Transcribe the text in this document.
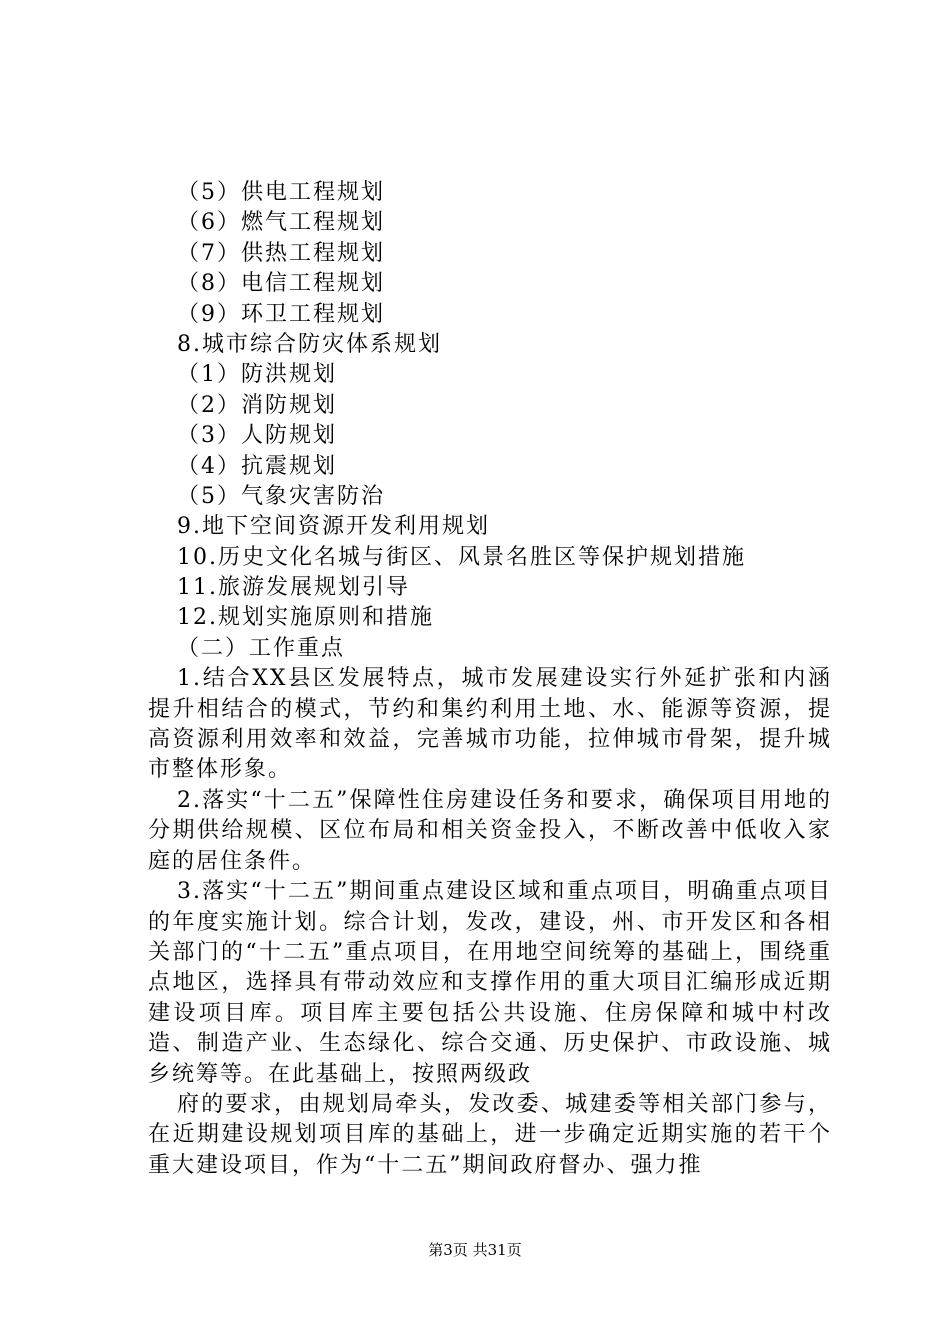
（5）供电工程规划
（6）燃气工程规划
（7）供热工程规划
（8）电信工程规划
（9）环卫工程规划
8.城市综合防灾体系规划
（1）防洪规划
（2）消防规划
（3）人防规划
（4）抗震规划
（5）气象灾害防治
9.地下空间资源开发利用规划
10.历史文化名城与街区、风景名胜区等保护规划措施
11.旅游发展规划引导
12.规划实施原则和措施
（二）工作重点

1.结合XX县区发展特点，城市发展建设实行外延扩张和内涵提升相结合的模式，节约和集约利用土地、水、能源等资源，提高资源利用效率和效益，完善城市功能，拉伸城市骨架，提升城市整体形象。

2.落实“十二五”保障性住房建设任务和要求，确保项目用地的分期供给规模、区位布局和相关资金投入，不断改善中低收入家庭的居住条件。

3.落实“十二五”期间重点建设区域和重点项目，明确重点项目的年度实施计划。综合计划，发改，建设，州、市开发区和各相关部门的“十二五”重点项目，在用地空间统筹的基础上，围绕重点地区，选择具有带动效应和支撑作用的重大项目汇编形成近期建设项目库。项目库主要包括公共设施、住房保障和城中村改造、制造产业、生态绿化、综合交通、历史保护、市政设施、城乡统筹等。在此基础上，按照两级政

府的要求，由规划局牵头，发改委、城建委等相关部门参与，在近期建设规划项目库的基础上，进一步确定近期实施的若干个重大建设项目，作为“十二五”期间政府督办、强力推

第3页 共31页
